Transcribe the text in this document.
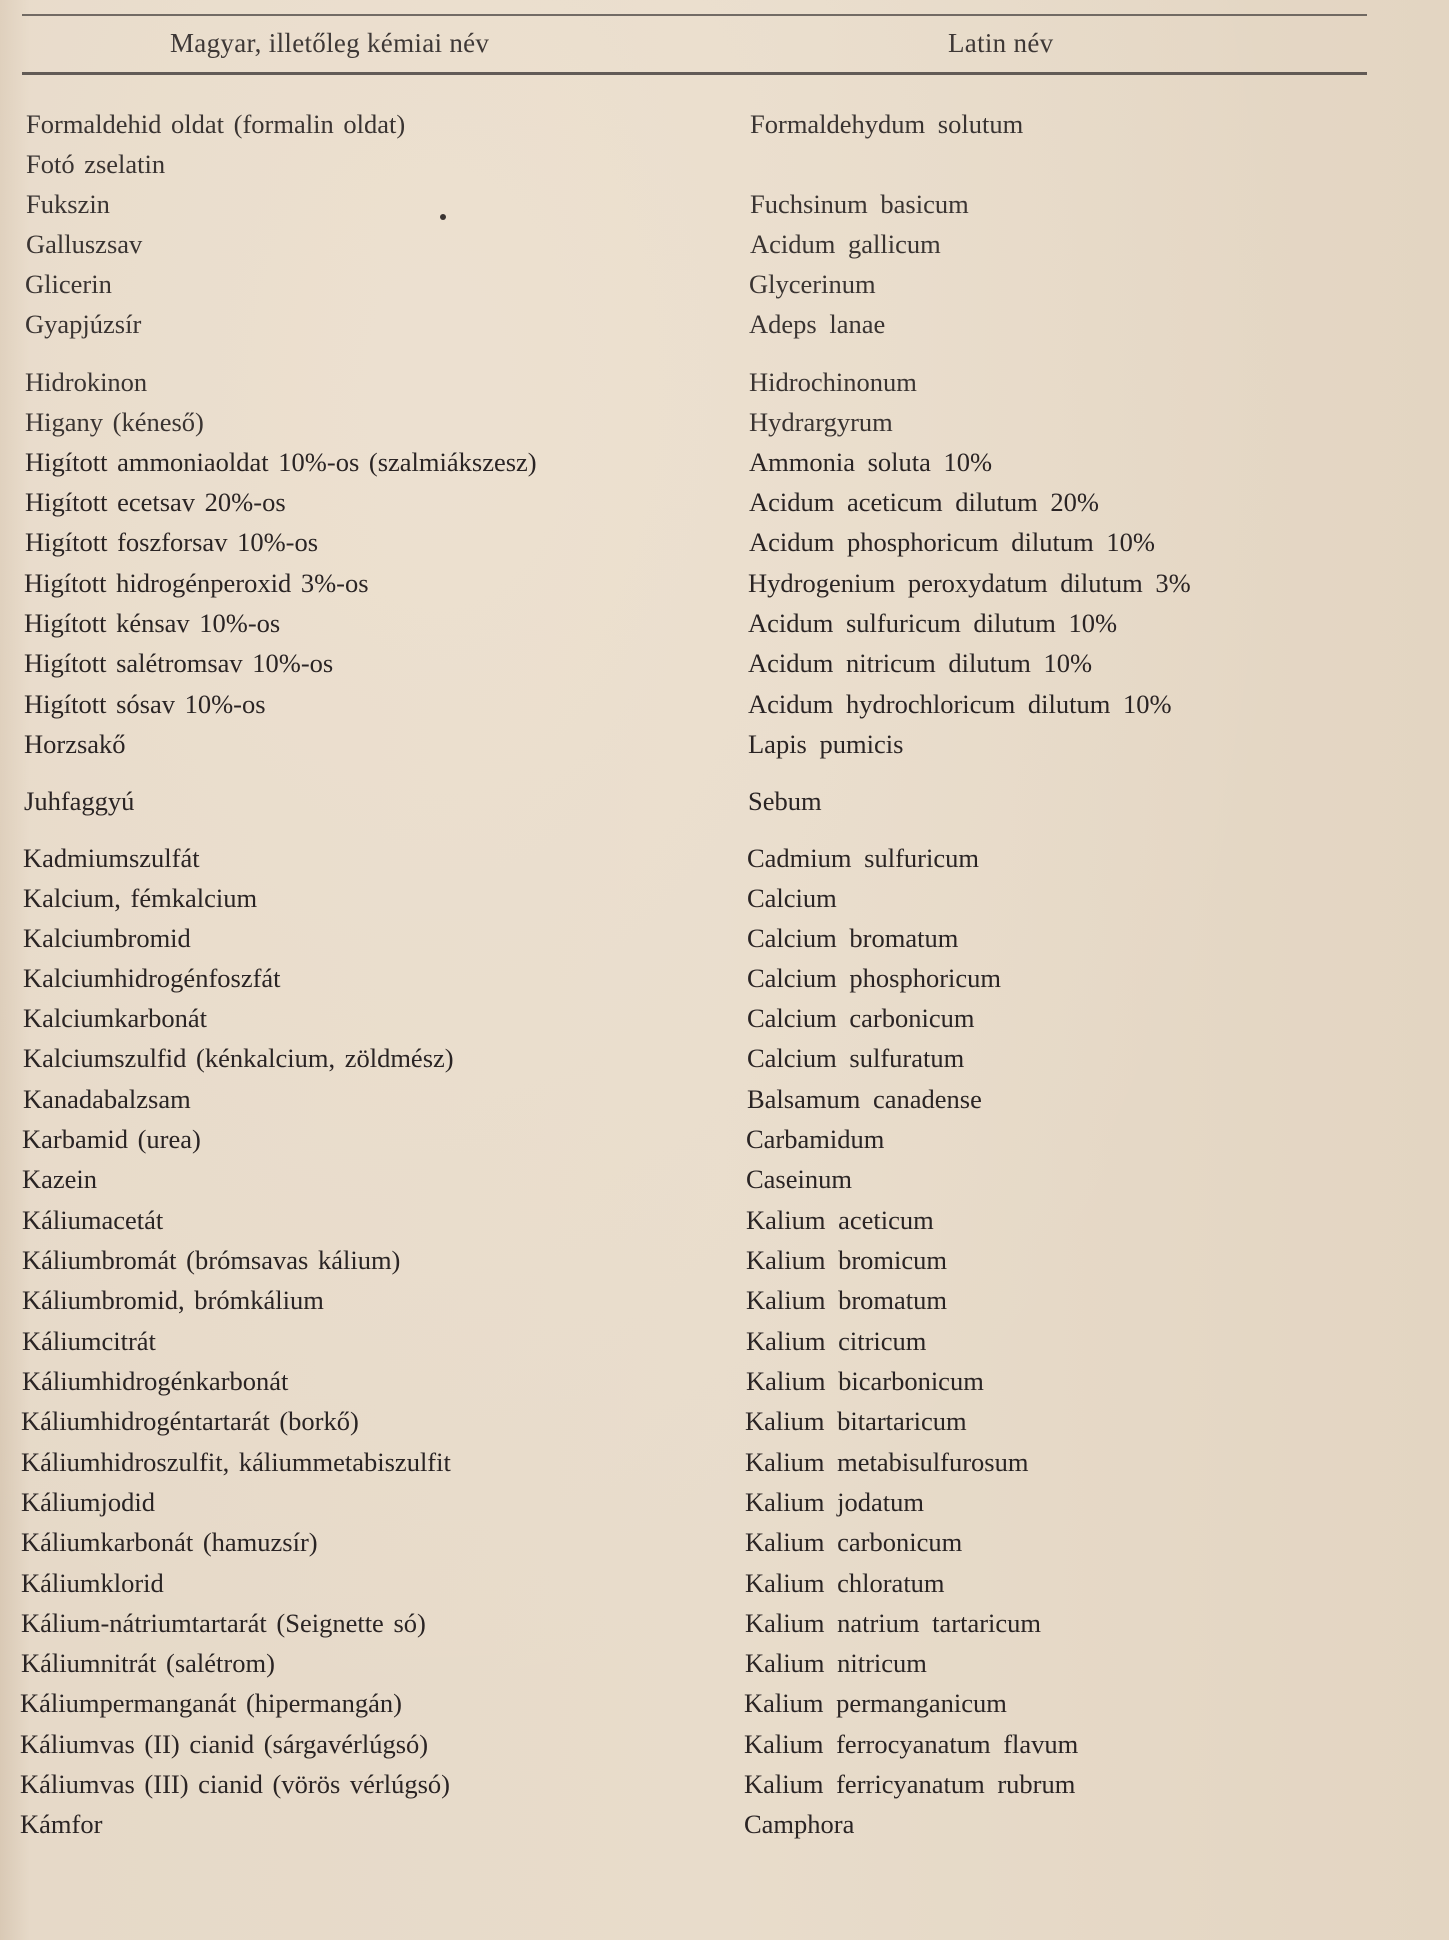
Magyar, illetőleg kémiai név	Latin név
Formaldehid oldat (formalin oldat)	Formaldehydum solutum
Fotó zselatin
Fukszin	Fuchsinum basicum
Galluszsav	Acidum gallicum
Glicerin	Glycerinum
Gyapjúzsír	Adeps lanae
Hidrokinon	Hidrochinonum
Higany (kéneső)	Hydrargyrum
Higított ammoniaoldat 10%-os (szalmiákszesz)	Ammonia soluta 10%
Higított ecetsav 20%-os	Acidum aceticum dilutum 20%
Higított foszforsav 10%-os	Acidum phosphoricum dilutum 10%
Higított hidrogénperoxid 3%-os	Hydrogenium peroxydatum dilutum 3%
Higított kénsav 10%-os	Acidum sulfuricum dilutum 10%
Higított salétromsav 10%-os	Acidum nitricum dilutum 10%
Higított sósav 10%-os	Acidum hydrochloricum dilutum 10%
Horzsakő	Lapis pumicis
Juhfaggyú	Sebum
Kadmiumszulfát	Cadmium sulfuricum
Kalcium, fémkalcium	Calcium
Kalciumbromid	Calcium bromatum
Kalciumhidrogénfoszfát	Calcium phosphoricum
Kalciumkarbonát	Calcium carbonicum
Kalciumszulfid (kénkalcium, zöldmész)	Calcium sulfuratum
Kanadabalzsam	Balsamum canadense
Karbamid (urea)	Carbamidum
Kazein	Caseinum
Káliumacetát	Kalium aceticum
Káliumbromát (brómsavas kálium)	Kalium bromicum
Káliumbromid, brómkálium	Kalium bromatum
Káliumcitrát	Kalium citricum
Káliumhidrogénkarbonát	Kalium bicarbonicum
Káliumhidrogéntartarát (borkő)	Kalium bitartaricum
Káliumhidroszulfit, káliummetabiszulfit	Kalium metabisulfurosum
Káliumjodid	Kalium jodatum
Káliumkarbonát (hamuzsír)	Kalium carbonicum
Káliumklorid	Kalium chloratum
Kálium-nátriumtartarát (Seignette só)	Kalium natrium tartaricum
Káliumnitrát (salétrom)	Kalium nitricum
Káliumpermanganát (hipermangán)	Kalium permanganicum
Káliumvas (II) cianid (sárgavérlúgsó)	Kalium ferrocyanatum flavum
Káliumvas (III) cianid (vörös vérlúgsó)	Kalium ferricyanatum rubrum
Kámfor	Camphora
